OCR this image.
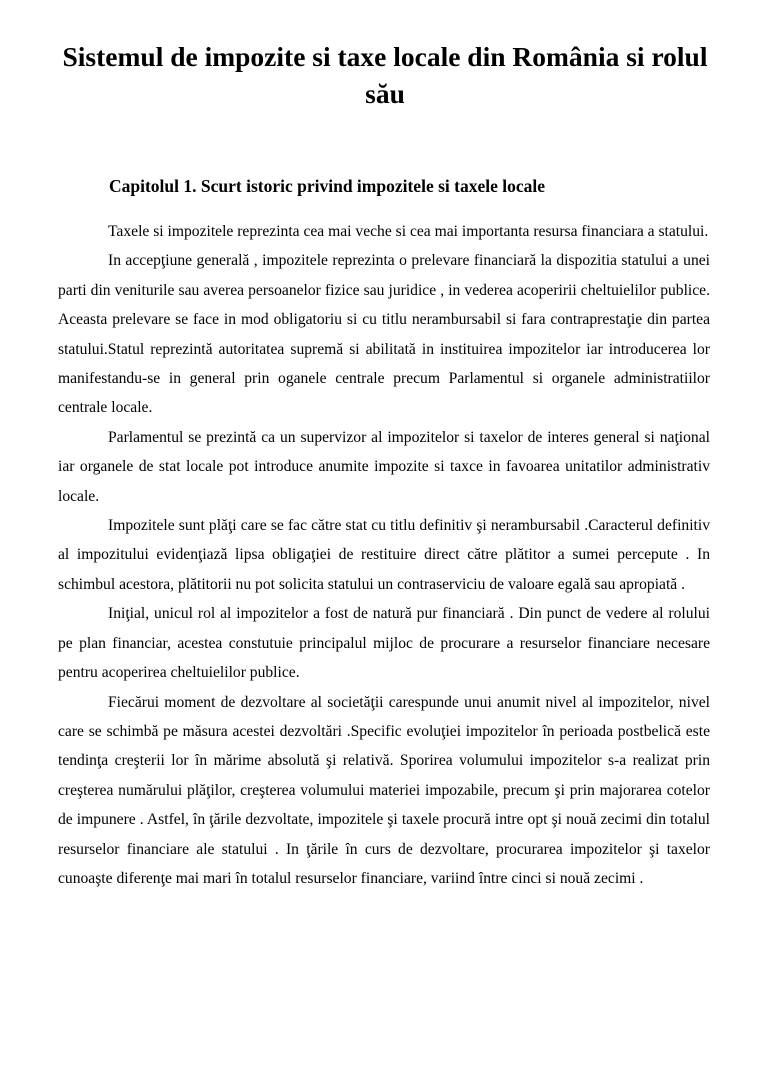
Sistemul de impozite si taxe locale din România si rolul său
Capitolul 1. Scurt istoric privind impozitele si taxele locale

Taxele si impozitele reprezinta cea mai veche si cea mai importanta resursa financiara a statului.

In accepţiune generală , impozitele reprezinta o prelevare financiară la dispozitia statului a unei parti din veniturile sau averea persoanelor fizice sau juridice , in vederea acoperirii cheltuielilor publice. Aceasta prelevare se face in mod obligatoriu si cu titlu nerambursabil si fara contraprestaţie din partea statului.Statul reprezintă autoritatea supremă si abilitată in instituirea impozitelor iar introducerea lor manifestandu-se in general prin oganele centrale precum Parlamentul si organele administratiilor centrale locale.

Parlamentul se prezintă ca un supervizor al impozitelor si taxelor de interes general si naţional iar organele de stat locale pot introduce anumite impozite si taxce in favoarea unitatilor administrativ locale.

Impozitele sunt plăţi care se fac către stat cu titlu definitiv şi nerambursabil .Caracterul definitiv al impozitului evidenţiază lipsa obligaţiei de restituire direct către plătitor a sumei percepute . In schimbul acestora, plătitorii nu pot solicita statului un contraserviciu de valoare egală sau apropiată .

Iniţial, unicul rol al impozitelor a fost de natură pur financiară . Din punct de vedere al rolului pe plan financiar, acestea constutuie principalul mijloc de procurare a resurselor financiare necesare pentru acoperirea cheltuielilor publice.

Fiecărui moment de dezvoltare al societăţii carespunde unui anumit nivel al impozitelor, nivel care se schimbă pe măsura acestei dezvoltări .Specific evoluţiei impozitelor în perioada postbelică este tendinţa creşterii lor în mărime absolută şi relativă. Sporirea volumului impozitelor s-a realizat prin creşterea numărului plăţilor, creşterea volumului materiei impozabile, precum şi prin majorarea cotelor de impunere . Astfel, în ţările dezvoltate, impozitele şi taxele procură intre opt şi nouă zecimi din totalul resurselor financiare ale statului . In ţările în curs de dezvoltare, procurarea impozitelor şi taxelor cunoaşte diferenţe mai mari în totalul resurselor financiare, variind între cinci si nouă zecimi .
